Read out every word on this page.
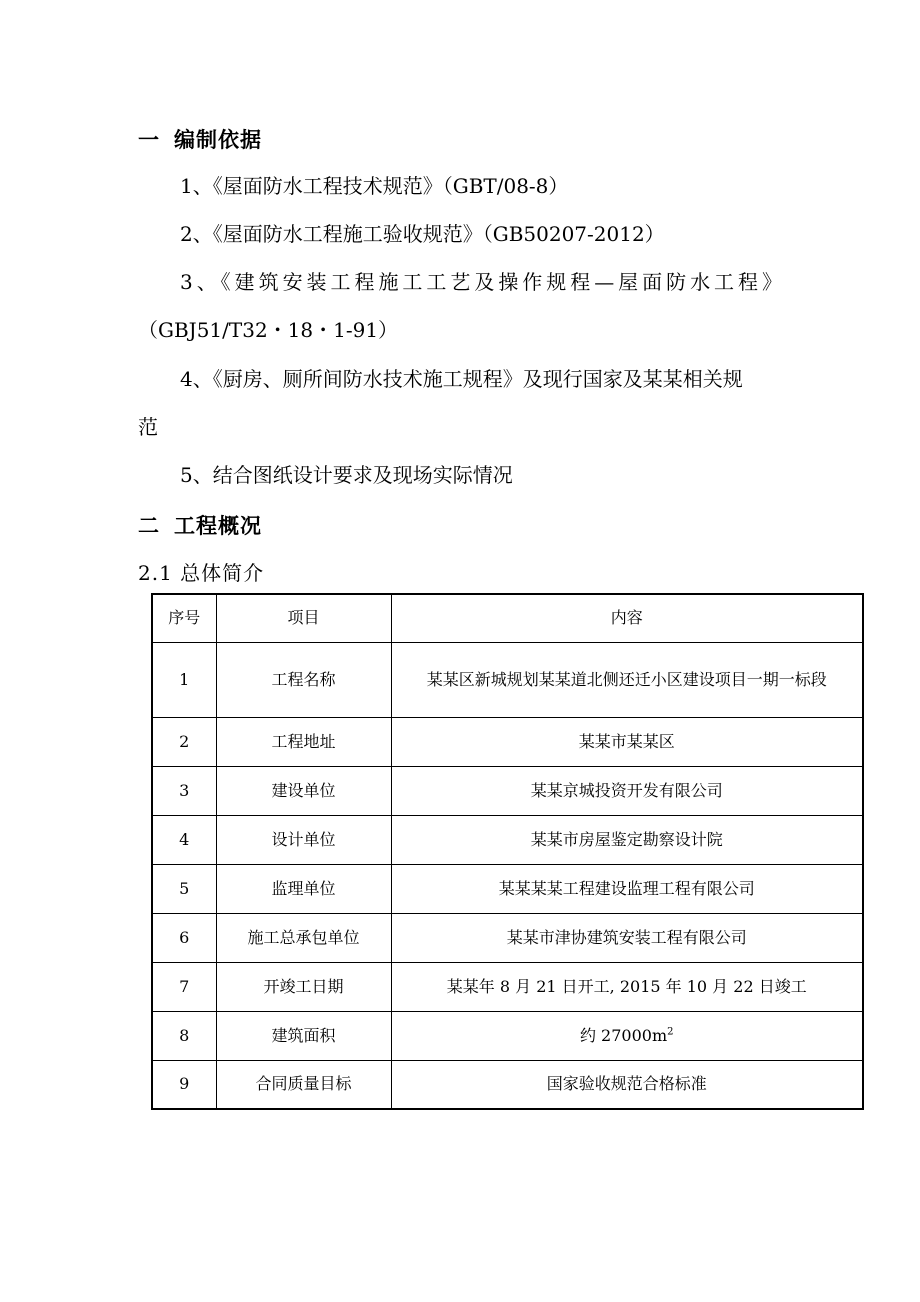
一 编制依据
1、《屋面防水工程技术规范》（GBT/08-8）
2、《屋面防水工程施工验收规范》（GB50207-2012）
3、《建筑安装工程施工工艺及操作规程—屋面防水工程》
（GBJ51/T32・18・1-91）
4、《厨房、厕所间防水技术施工规程》及现行国家及某某相关规
范
5、结合图纸设计要求及现场实际情况
二 工程概况
2.1 总体简介
序号	项目	内容
1	工程名称	某某区新城规划某某道北侧还迁小区建设项目一期一标段
2	工程地址	某某市某某区
3	建设单位	某某京城投资开发有限公司
4	设计单位	某某市房屋鉴定勘察设计院
5	监理单位	某某某某工程建设监理工程有限公司
6	施工总承包单位	某某市津协建筑安装工程有限公司
7	开竣工日期	某某年 8 月 21 日开工, 2015 年 10 月 22 日竣工
8	建筑面积	约 $27000m^2$
9	合同质量目标	国家验收规范合格标准
